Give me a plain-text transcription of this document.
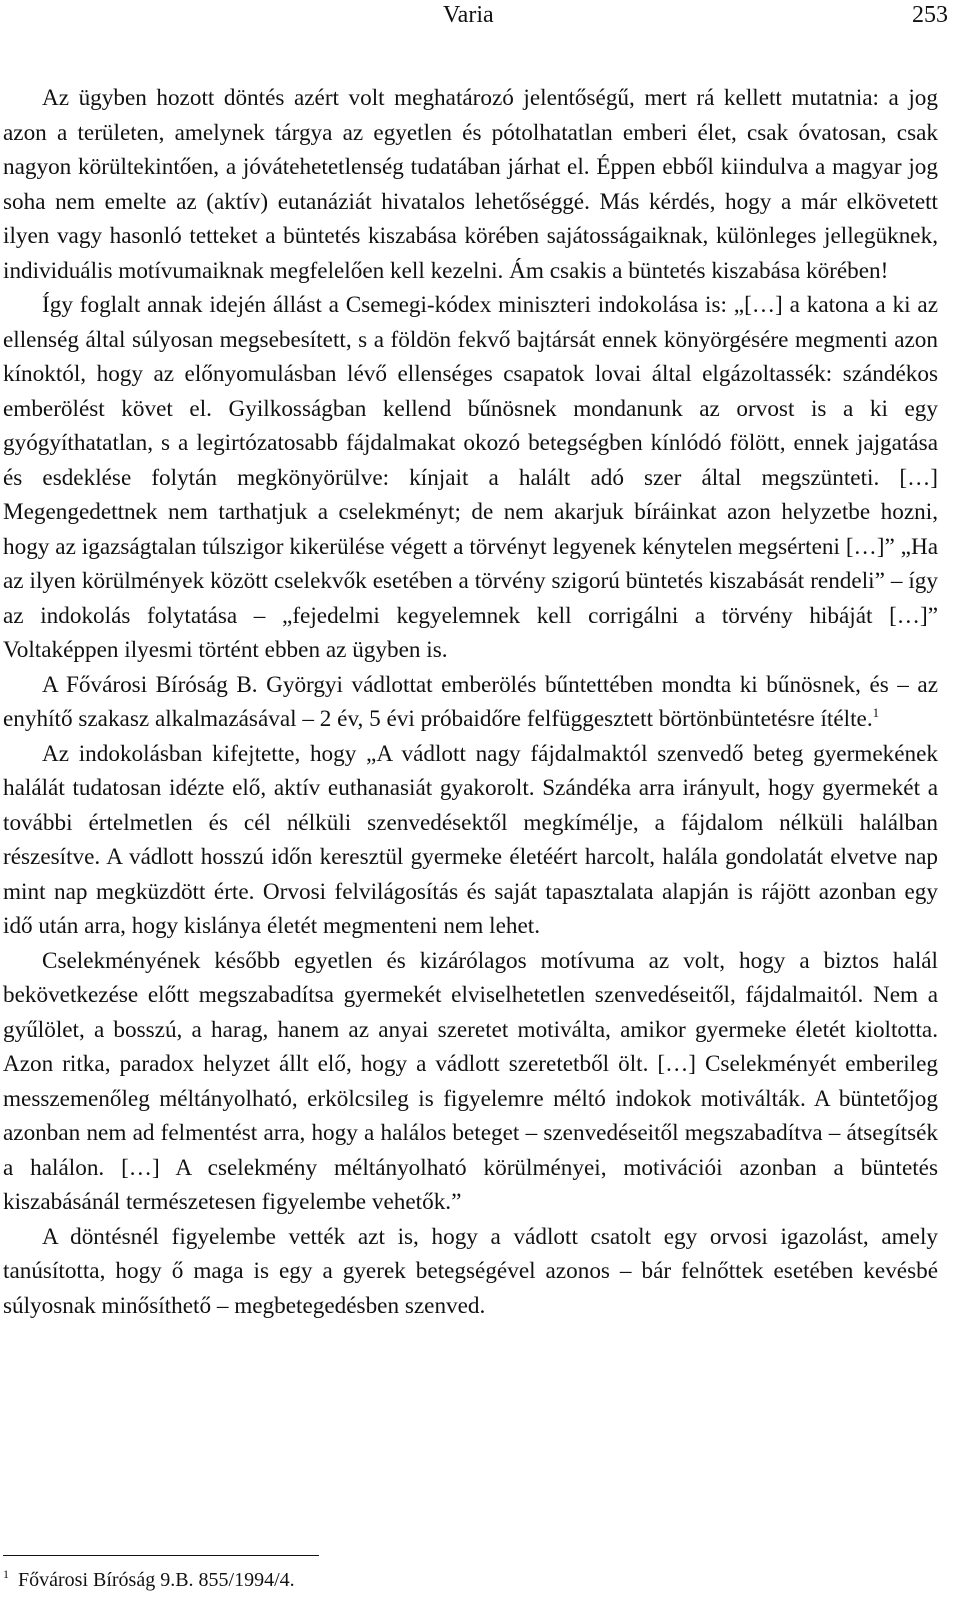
Varia	253

Az ügyben hozott döntés azért volt meghatározó jelentőségű, mert rá kellett mutatnia: a jog azon a területen, amelynek tárgya az egyetlen és pótolhatatlan emberi élet, csak óvatosan, csak nagyon körültekintően, a jóvátehetetlenség tudatában járhat el. Éppen ebből kiindulva a magyar jog soha nem emelte az (aktív) eutanáziát hivatalos lehetőséggé. Más kérdés, hogy a már elkövetett ilyen vagy hasonló tetteket a büntetés kiszabása körében sajátosságaiknak, különleges jellegüknek, individuális motívumaiknak megfelelően kell kezelni. Ám csakis a büntetés kiszabása körében!

Így foglalt annak idején állást a Csemegi-kódex miniszteri indokolása is: „[…] a katona a ki az ellenség által súlyosan megsebesített, s a földön fekvő bajtársát ennek könyörgésére megmenti azon kínoktól, hogy az előnyomulásban lévő ellenséges csapatok lovai által elgázoltassék: szándékos emberölést követ el. Gyilkosságban kellend bűnösnek mondanunk az orvost is a ki egy gyógyíthatatlan, s a legirtózatosabb fájdalmakat okozó betegségben kínlódó fölött, ennek jajgatása és esdeklése folytán megkönyörülve: kínjait a halált adó szer által megszünteti. […] Megengedettnek nem tarthatjuk a cselekményt; de nem akarjuk bíráinkat azon helyzetbe hozni, hogy az igazságtalan túlszigor kikerülése végett a törvényt legyenek kénytelen megsérteni […]” „Ha az ilyen körülmények között cselekvők esetében a törvény szigorú büntetés kiszabását rendeli” – így az indokolás folytatása – „fejedelmi kegyelemnek kell corrigálni a törvény hibáját […]” Voltaképpen ilyesmi történt ebben az ügyben is.

A Fővárosi Bíróság B. Györgyi vádlottat emberölés bűntettében mondta ki bűnösnek, és – az enyhítő szakasz alkalmazásával – 2 év, 5 évi próbaidőre felfüggesztett börtönbüntetésre ítélte.$^1$

Az indokolásban kifejtette, hogy „A vádlott nagy fájdalmaktól szenvedő beteg gyermekének halálát tudatosan idézte elő, aktív euthanasiát gyakorolt. Szándéka arra irányult, hogy gyermekét a további értelmetlen és cél nélküli szenvedésektől megkímélje, a fájdalom nélküli halálban részesítve. A vádlott hosszú időn keresztül gyermeke életéért harcolt, halála gondolatát elvetve nap mint nap megküzdött érte. Orvosi felvilágosítás és saját tapasztalata alapján is rájött azonban egy idő után arra, hogy kislánya életét megmenteni nem lehet.

Cselekményének később egyetlen és kizárólagos motívuma az volt, hogy a biztos halál bekövetkezése előtt megszabadítsa gyermekét elviselhetetlen szenvedéseitől, fájdalmaitól. Nem a gyűlölet, a bosszú, a harag, hanem az anyai szeretet motiválta, amikor gyermeke életét kioltotta. Azon ritka, paradox helyzet állt elő, hogy a vádlott szeretetből ölt. […] Cselekményét emberileg messzemenőleg méltányolható, erkölcsileg is figyelemre méltó indokok motiválták. A büntetőjog azonban nem ad felmentést arra, hogy a halálos beteget – szenvedéseitől megszabadítva – átsegítsék a halálon. […] A cselekmény méltányolható körülményei, motivációi azonban a büntetés kiszabásánál természetesen figyelembe vehetők.”

A döntésnél figyelembe vették azt is, hogy a vádlott csatolt egy orvosi igazolást, amely tanúsította, hogy ő maga is egy a gyerek betegségével azonos – bár felnőttek esetében kevésbé súlyosnak minősíthető – megbetegedésben szenved.

$^1$ Fővárosi Bíróság 9.B. 855/1994/4.
